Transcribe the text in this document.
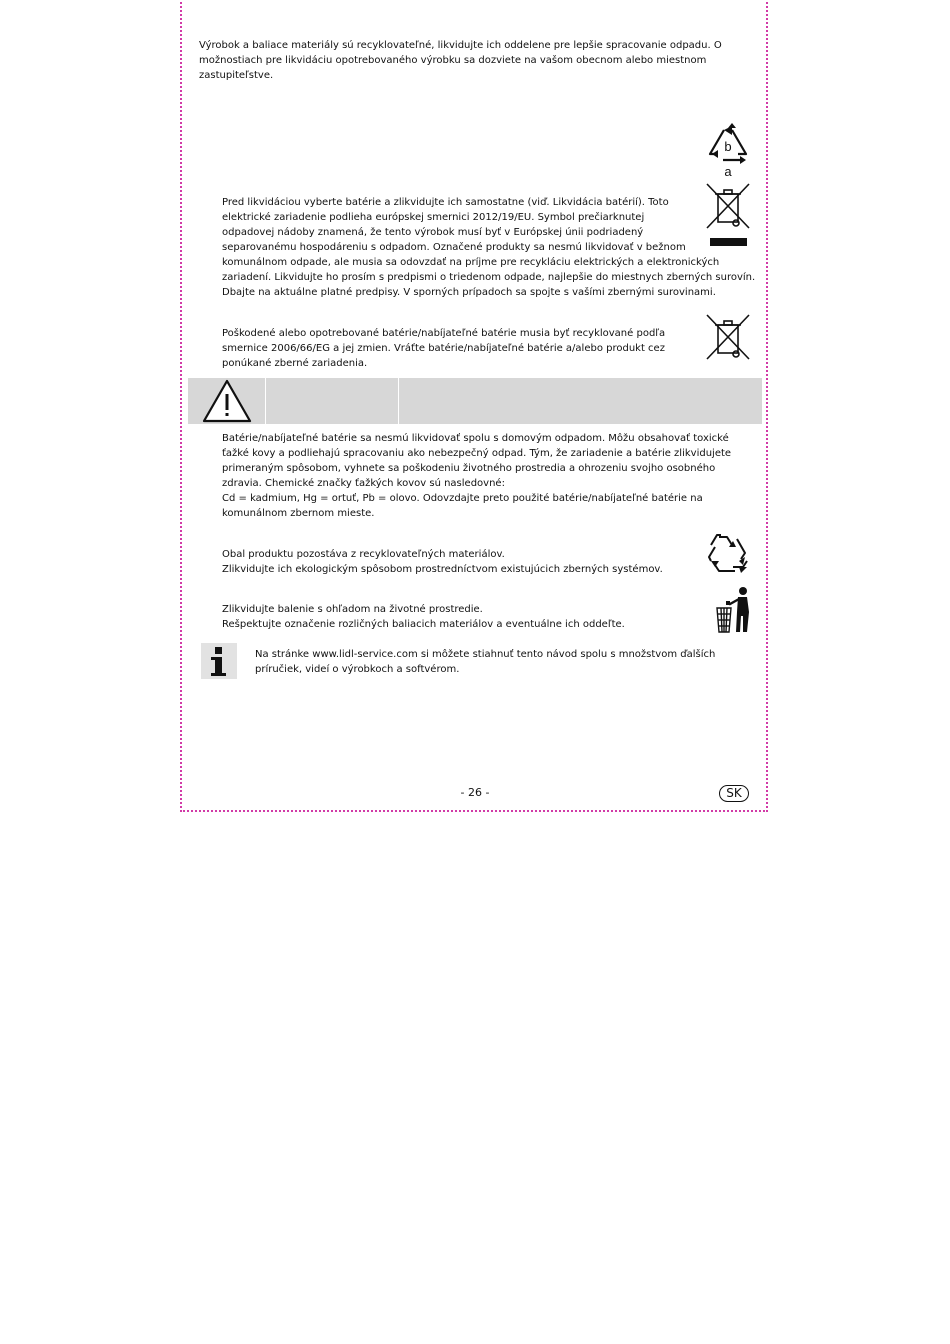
Výrobok a baliace materiály sú recyklovateľné, likvidujte ich oddelene pre lepšie spracovanie odpadu. O
možnostiach pre likvidáciu opotrebovaného výrobku sa dozviete na vašom obecnom alebo miestnom
zastupiteľstve.
b
a
Pred likvidáciou vyberte batérie a zlikvidujte ich samostatne (viď. Likvidácia batérií). Toto
elektrické zariadenie podlieha európskej smernici 2012/19/EU. Symbol prečiarknutej
odpadovej nádoby znamená, že tento výrobok musí byť v Európskej únii podriadený
separovanému hospodáreniu s odpadom. Označené produkty sa nesmú likvidovať v bežnom
komunálnom odpade, ale musia sa odovzdať na príjme pre recykláciu elektrických a elektronických
zariadení. Likvidujte ho prosím s predpismi o triedenom odpade, najlepšie do miestnych zberných surovín.
Dbajte na aktuálne platné predpisy. V sporných prípadoch sa spojte s vašími zbernými surovinami.
Poškodené alebo opotrebované batérie/nabíjateľné batérie musia byť recyklované podľa
smernice 2006/66/EG a jej zmien. Vráťte batérie/nabíjateľné batérie a/alebo produkt cez
ponúkané zberné zariadenia.
Batérie/nabíjateľné batérie sa nesmú likvidovať spolu s domovým odpadom. Môžu obsahovať toxické
ťažké kovy a podliehajú spracovaniu ako nebezpečný odpad. Tým, že zariadenie a batérie zlikvidujete
primeraným spôsobom, vyhnete sa poškodeniu životného prostredia a ohrozeniu svojho osobného
zdravia. Chemické značky ťažkých kovov sú nasledovné:
Cd = kadmium, Hg = ortuť, Pb = olovo. Odovzdajte preto použité batérie/nabíjateľné batérie na
komunálnom zbernom mieste.
Obal produktu pozostáva z recyklovateľných materiálov.
Zlikvidujte ich ekologickým spôsobom prostredníctvom existujúcich zberných systémov.
Zlikvidujte balenie s ohľadom na životné prostredie.
Rešpektujte označenie rozličných baliacich materiálov a eventuálne ich oddeľte.
Na stránke www.lidl-service.com si môžete stiahnuť tento návod spolu s množstvom ďalších
príručiek, videí o výrobkoch a softvérom.
- 26 -	SK
